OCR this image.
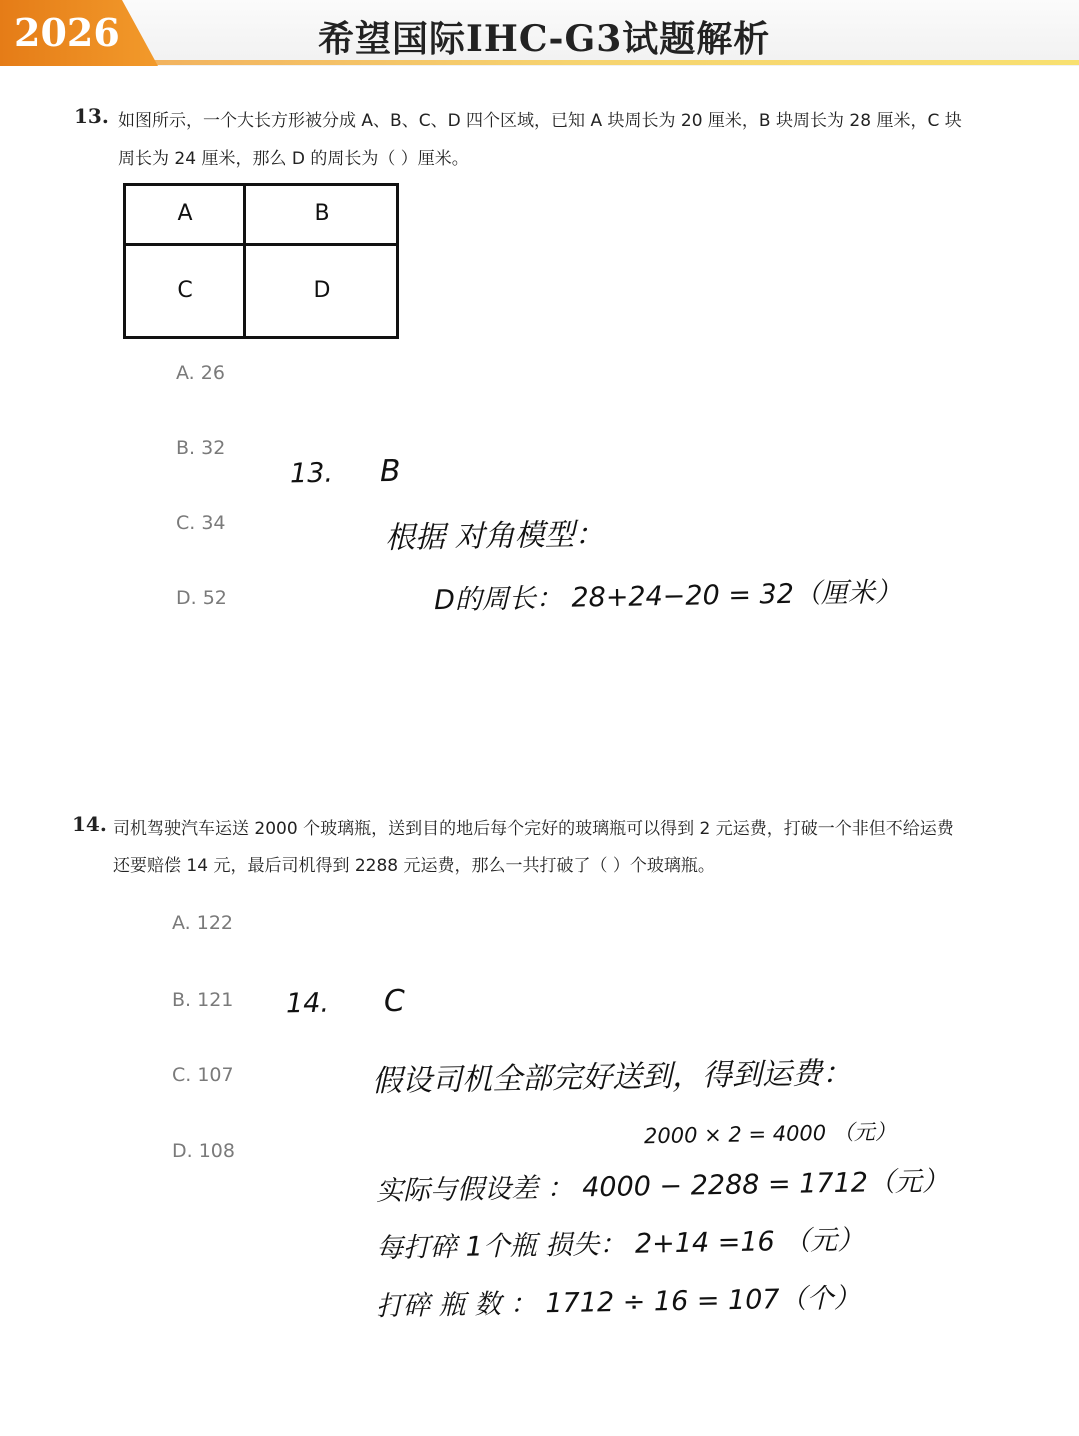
2026	希望国际IHC-G3试题解析
13. 如图所示，一个大长方形被分成 A、B、C、D 四个区域，已知 A 块周长为 20 厘米，B 块周长为 28 厘米，C 块
周长为 24 厘米，那么 D 的周长为（ ）厘米。
A	B
C	D
A. 26
B. 32
C. 34
D. 52
13. B
根据 对角模型：
D的周长： 28+24−20 = 32（厘米）
14. 司机驾驶汽车运送 2000 个玻璃瓶，送到目的地后每个完好的玻璃瓶可以得到 2 元运费，打破一个非但不给运费
还要赔偿 14 元，最后司机得到 2288 元运费，那么一共打破了（ ）个玻璃瓶。
A. 122
B. 121
C. 107
D. 108
14. C
假设司机全部完好送到，得到运费：
2000 × 2 = 4000 （元）
实际与假设差 ： 4000 − 2288 = 1712（元）
每打碎 1个瓶 损失： 2+14 =16 （元）
打碎 瓶 数 ： 1712 ÷ 16 = 107（个）
